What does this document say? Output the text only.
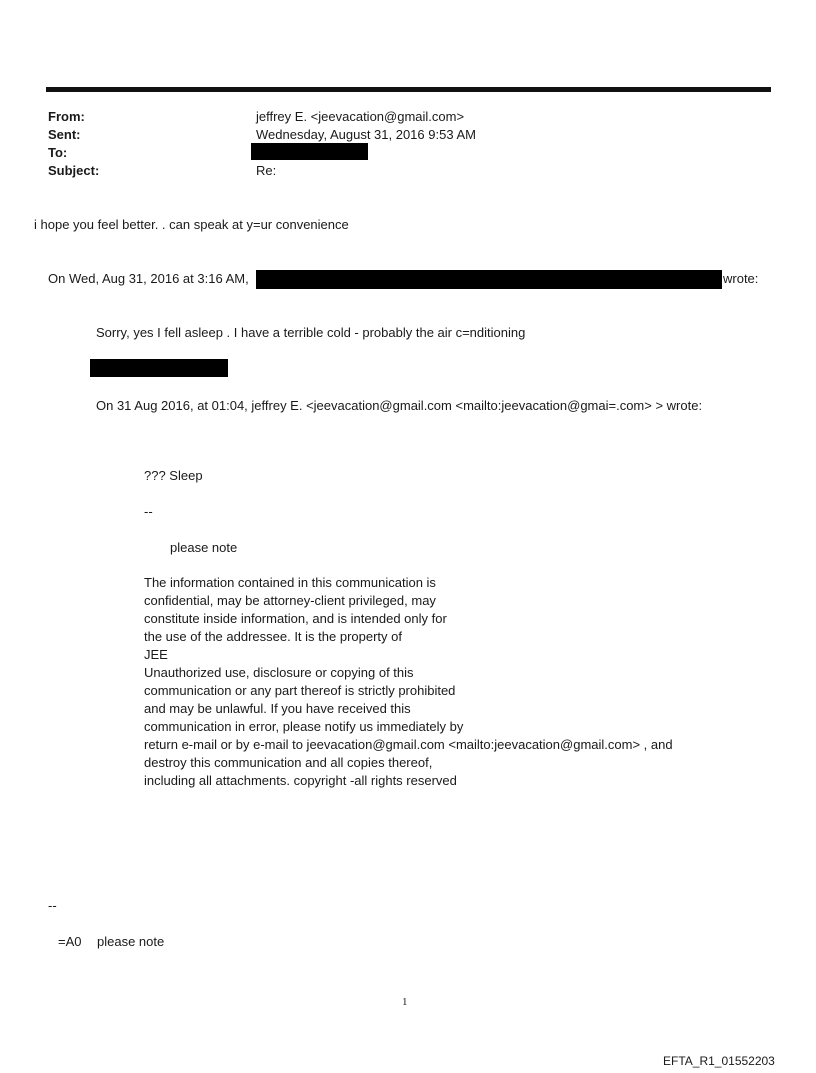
From:	jeffrey E. <jeevacation@gmail.com>
Sent:	Wednesday, August 31, 2016 9:53 AM
To:
Subject:	Re:
i hope you feel better. . can speak at y=ur convenience
On Wed, Aug 31, 2016 at 3:16 AM,	wrote:
Sorry, yes I fell asleep . I have a terrible cold - probably the air c=nditioning
On 31 Aug 2016, at 01:04, jeffrey E. <jeevacation@gmail.com <mailto:jeevacation@gmai=.com> > wrote:
??? Sleep
--
please note
The information contained in this communication is
confidential, may be attorney-client privileged, may
constitute inside information, and is intended only for
the use of the addressee. It is the property of
JEE
Unauthorized use, disclosure or copying of this
communication or any part thereof is strictly prohibited
and may be unlawful. If you have received this
communication in error, please notify us immediately by
return e-mail or by e-mail to jeevacation@gmail.com <mailto:jeevacation@gmail.com> , and
destroy this communication and all copies thereof,
including all attachments. copyright -all rights reserved
--
=A0 please note
1
EFTA_R1_01552203
